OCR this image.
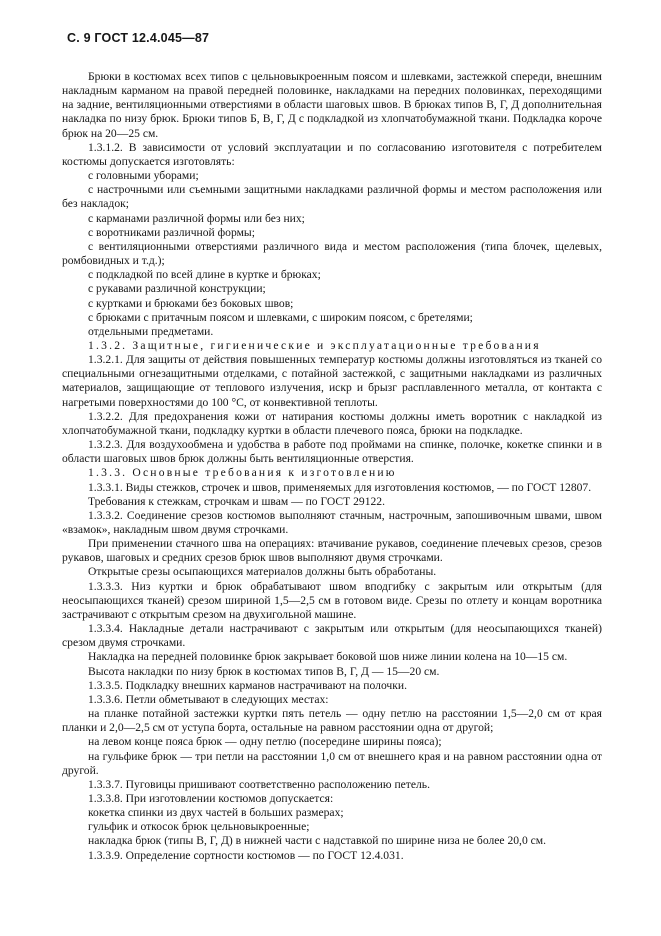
С. 9 ГОСТ 12.4.045—87

Брюки в костюмах всех типов с цельновыкроенным поясом и шлевками, застежкой спереди, внешним накладным карманом на правой передней половинке, накладками на передних половинках, переходящими на задние, вентиляционными отверстиями в области шаговых швов. В брюках типов В, Г, Д дополнительная накладка по низу брюк. Брюки типов Б, В, Г, Д с подкладкой из хлопчатобумажной ткани. Подкладка короче брюк на 20—25 см.

1.3.1.2. В зависимости от условий эксплуатации и по согласованию изготовителя с потребителем костюмы допускается изготовлять:

с головными уборами;

с настрочными или съемными защитными накладками различной формы и местом расположения или без накладок;

с карманами различной формы или без них;

с воротниками различной формы;

с вентиляционными отверстиями различного вида и местом расположения (типа блочек, щелевых, ромбовидных и т.д.);

с подкладкой по всей длине в куртке и брюках;

с рукавами различной конструкции;

с куртками и брюками без боковых швов;

с брюками с притачным поясом и шлевками, с широким поясом, с бретелями;

отдельными предметами.

1.3.2. Защитные, гигиенические и эксплуатационные требования

1.3.2.1. Для защиты от действия повышенных температур костюмы должны изготовляться из тканей со специальными огнезащитными отделками, с потайной застежкой, с защитными накладками из различных материалов, защищающие от теплового излучения, искр и брызг расплавленного металла, от контакта с нагретыми поверхностями до 100 °С, от конвективной теплоты.

1.3.2.2. Для предохранения кожи от натирания костюмы должны иметь воротник с накладкой из хлопчатобумажной ткани, подкладку куртки в области плечевого пояса, брюки на подкладке.

1.3.2.3. Для воздухообмена и удобства в работе под проймами на спинке, полочке, кокетке спинки и в области шаговых швов брюк должны быть вентиляционные отверстия.

1.3.3. Основные требования к изготовлению

1.3.3.1. Виды стежков, строчек и швов, применяемых для изготовления костюмов, — по ГОСТ 12807.

Требования к стежкам, строчкам и швам — по ГОСТ 29122.

1.3.3.2. Соединение срезов костюмов выполняют стачным, настрочным, запошивочным швами, швом «взамок», накладным швом двумя строчками.

При применении стачного шва на операциях: втачивание рукавов, соединение плечевых срезов, срезов рукавов, шаговых и средних срезов брюк швов выполняют двумя строчками.

Открытые срезы осыпающихся материалов должны быть обработаны.

1.3.3.3. Низ куртки и брюк обрабатывают швом вподгибку с закрытым или открытым (для неосыпающихся тканей) срезом шириной 1,5—2,5 см в готовом виде. Срезы по отлету и концам воротника застрачивают с открытым срезом на двухигольной машине.

1.3.3.4. Накладные детали настрачивают с закрытым или открытым (для неосыпающихся тканей) срезом двумя строчками.

Накладка на передней половинке брюк закрывает боковой шов ниже линии колена на 10—15 см.

Высота накладки по низу брюк в костюмах типов В, Г, Д — 15—20 см.

1.3.3.5. Подкладку внешних карманов настрачивают на полочки.

1.3.3.6. Петли обметывают в следующих местах:

на планке потайной застежки куртки пять петель — одну петлю на расстоянии 1,5—2,0 см от края планки и 2,0—2,5 см от уступа борта, остальные на равном расстоянии одна от другой;

на левом конце пояса брюк — одну петлю (посередине ширины пояса);

на гульфике брюк — три петли на расстоянии 1,0 см от внешнего края и на равном расстоянии одна от другой.

1.3.3.7. Пуговицы пришивают соответственно расположению петель.

1.3.3.8. При изготовлении костюмов допускается:

кокетка спинки из двух частей в больших размерах;

гульфик и откосок брюк цельновыкроенные;

накладка брюк (типы В, Г, Д) в нижней части с надставкой по ширине низа не более 20,0 см.

1.3.3.9. Определение сортности костюмов — по ГОСТ 12.4.031.
